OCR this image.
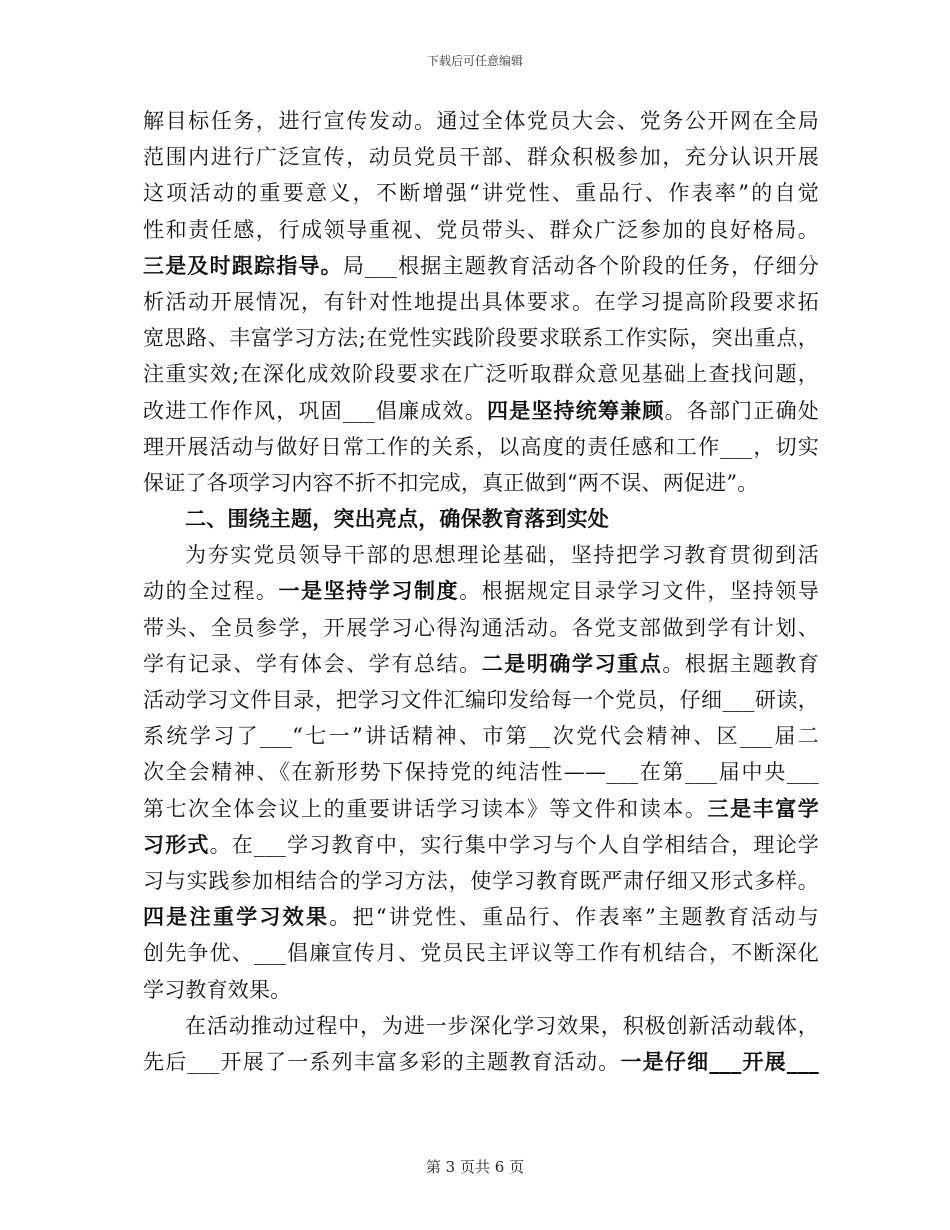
下载后可任意编辑
解目标任务，进行宣传发动。通过全体党员大会、党务公开网在全局
范围内进行广泛宣传，动员党员干部、群众积极参加，充分认识开展
这项活动的重要意义，不断增强“讲党性、重品行、作表率”的自觉
性和责任感，行成领导重视、党员带头、群众广泛参加的良好格局。
三是及时跟踪指导。局___根据主题教育活动各个阶段的任务，仔细分
析活动开展情况，有针对性地提出具体要求。在学习提高阶段要求拓
宽思路、丰富学习方法;在党性实践阶段要求联系工作实际，突出重点，
注重实效;在深化成效阶段要求在广泛听取群众意见基础上查找问题，
改进工作作风，巩固___倡廉成效。四是坚持统筹兼顾。各部门正确处
理开展活动与做好日常工作的关系，以高度的责任感和工作___，切实
保证了各项学习内容不折不扣完成，真正做到“两不误、两促进”。
二、围绕主题，突出亮点，确保教育落到实处
为夯实党员领导干部的思想理论基础，坚持把学习教育贯彻到活
动的全过程。一是坚持学习制度。根据规定目录学习文件，坚持领导
带头、全员参学，开展学习心得沟通活动。各党支部做到学有计划、
学有记录、学有体会、学有总结。二是明确学习重点。根据主题教育
活动学习文件目录，把学习文件汇编印发给每一个党员，仔细___研读，
系统学习了___“七一”讲话精神、市第__次党代会精神、区___届二
次全会精神、《在新形势下保持党的纯洁性——___在第___届中央___
第七次全体会议上的重要讲话学习读本》等文件和读本。三是丰富学
习形式。在___学习教育中，实行集中学习与个人自学相结合，理论学
习与实践参加相结合的学习方法，使学习教育既严肃仔细又形式多样。
四是注重学习效果。把“讲党性、重品行、作表率”主题教育活动与
创先争优、___倡廉宣传月、党员民主评议等工作有机结合，不断深化
学习教育效果。
在活动推动过程中，为进一步深化学习效果，积极创新活动载体，
先后___开展了一系列丰富多彩的主题教育活动。一是仔细___开展___
第 3 页共 6 页
